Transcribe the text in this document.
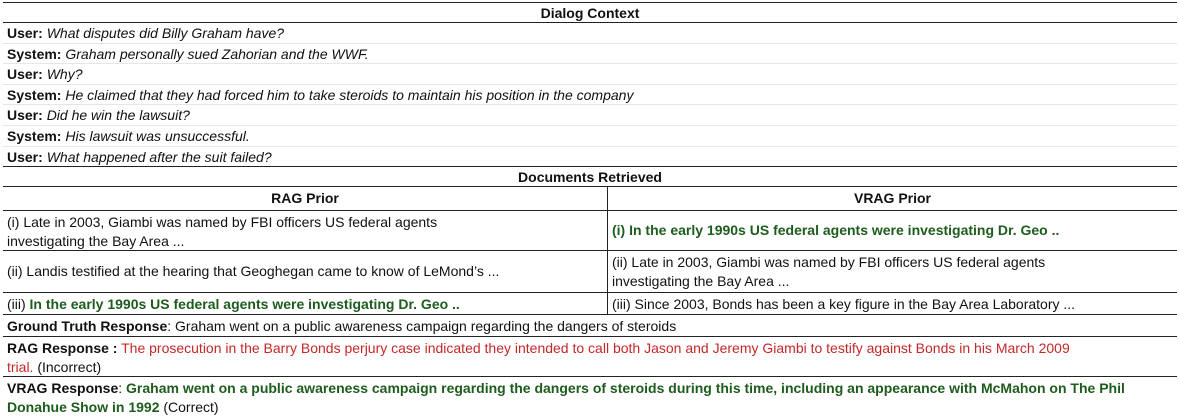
Dialog Context
User: What disputes did Billy Graham have?
System: Graham personally sued Zahorian and the WWF.
User: Why?
System: He claimed that they had forced him to take steroids to maintain his position in the company
User: Did he win the lawsuit?
System: His lawsuit was unsuccessful.
User: What happened after the suit failed?
Documents Retrieved
RAG Prior	VRAG Prior
(i) Late in 2003, Giambi was named by FBI officers US federal agents investigating the Bay Area ...
(i) In the early 1990s US federal agents were investigating Dr. Geo ..
(ii) Landis testified at the hearing that Geoghegan came to know of LeMond’s ...
(ii) Late in 2003, Giambi was named by FBI officers US federal agents investigating the Bay Area ...
(iii) In the early 1990s US federal agents were investigating Dr. Geo ..	(iii) Since 2003, Bonds has been a key figure in the Bay Area Laboratory ...
Ground Truth Response: Graham went on a public awareness campaign regarding the dangers of steroids
RAG Response : The prosecution in the Barry Bonds perjury case indicated they intended to call both Jason and Jeremy Giambi to testify against Bonds in his March 2009 trial. (Incorrect)
VRAG Response: Graham went on a public awareness campaign regarding the dangers of steroids during this time, including an appearance with McMahon on The Phil Donahue Show in 1992 (Correct)
